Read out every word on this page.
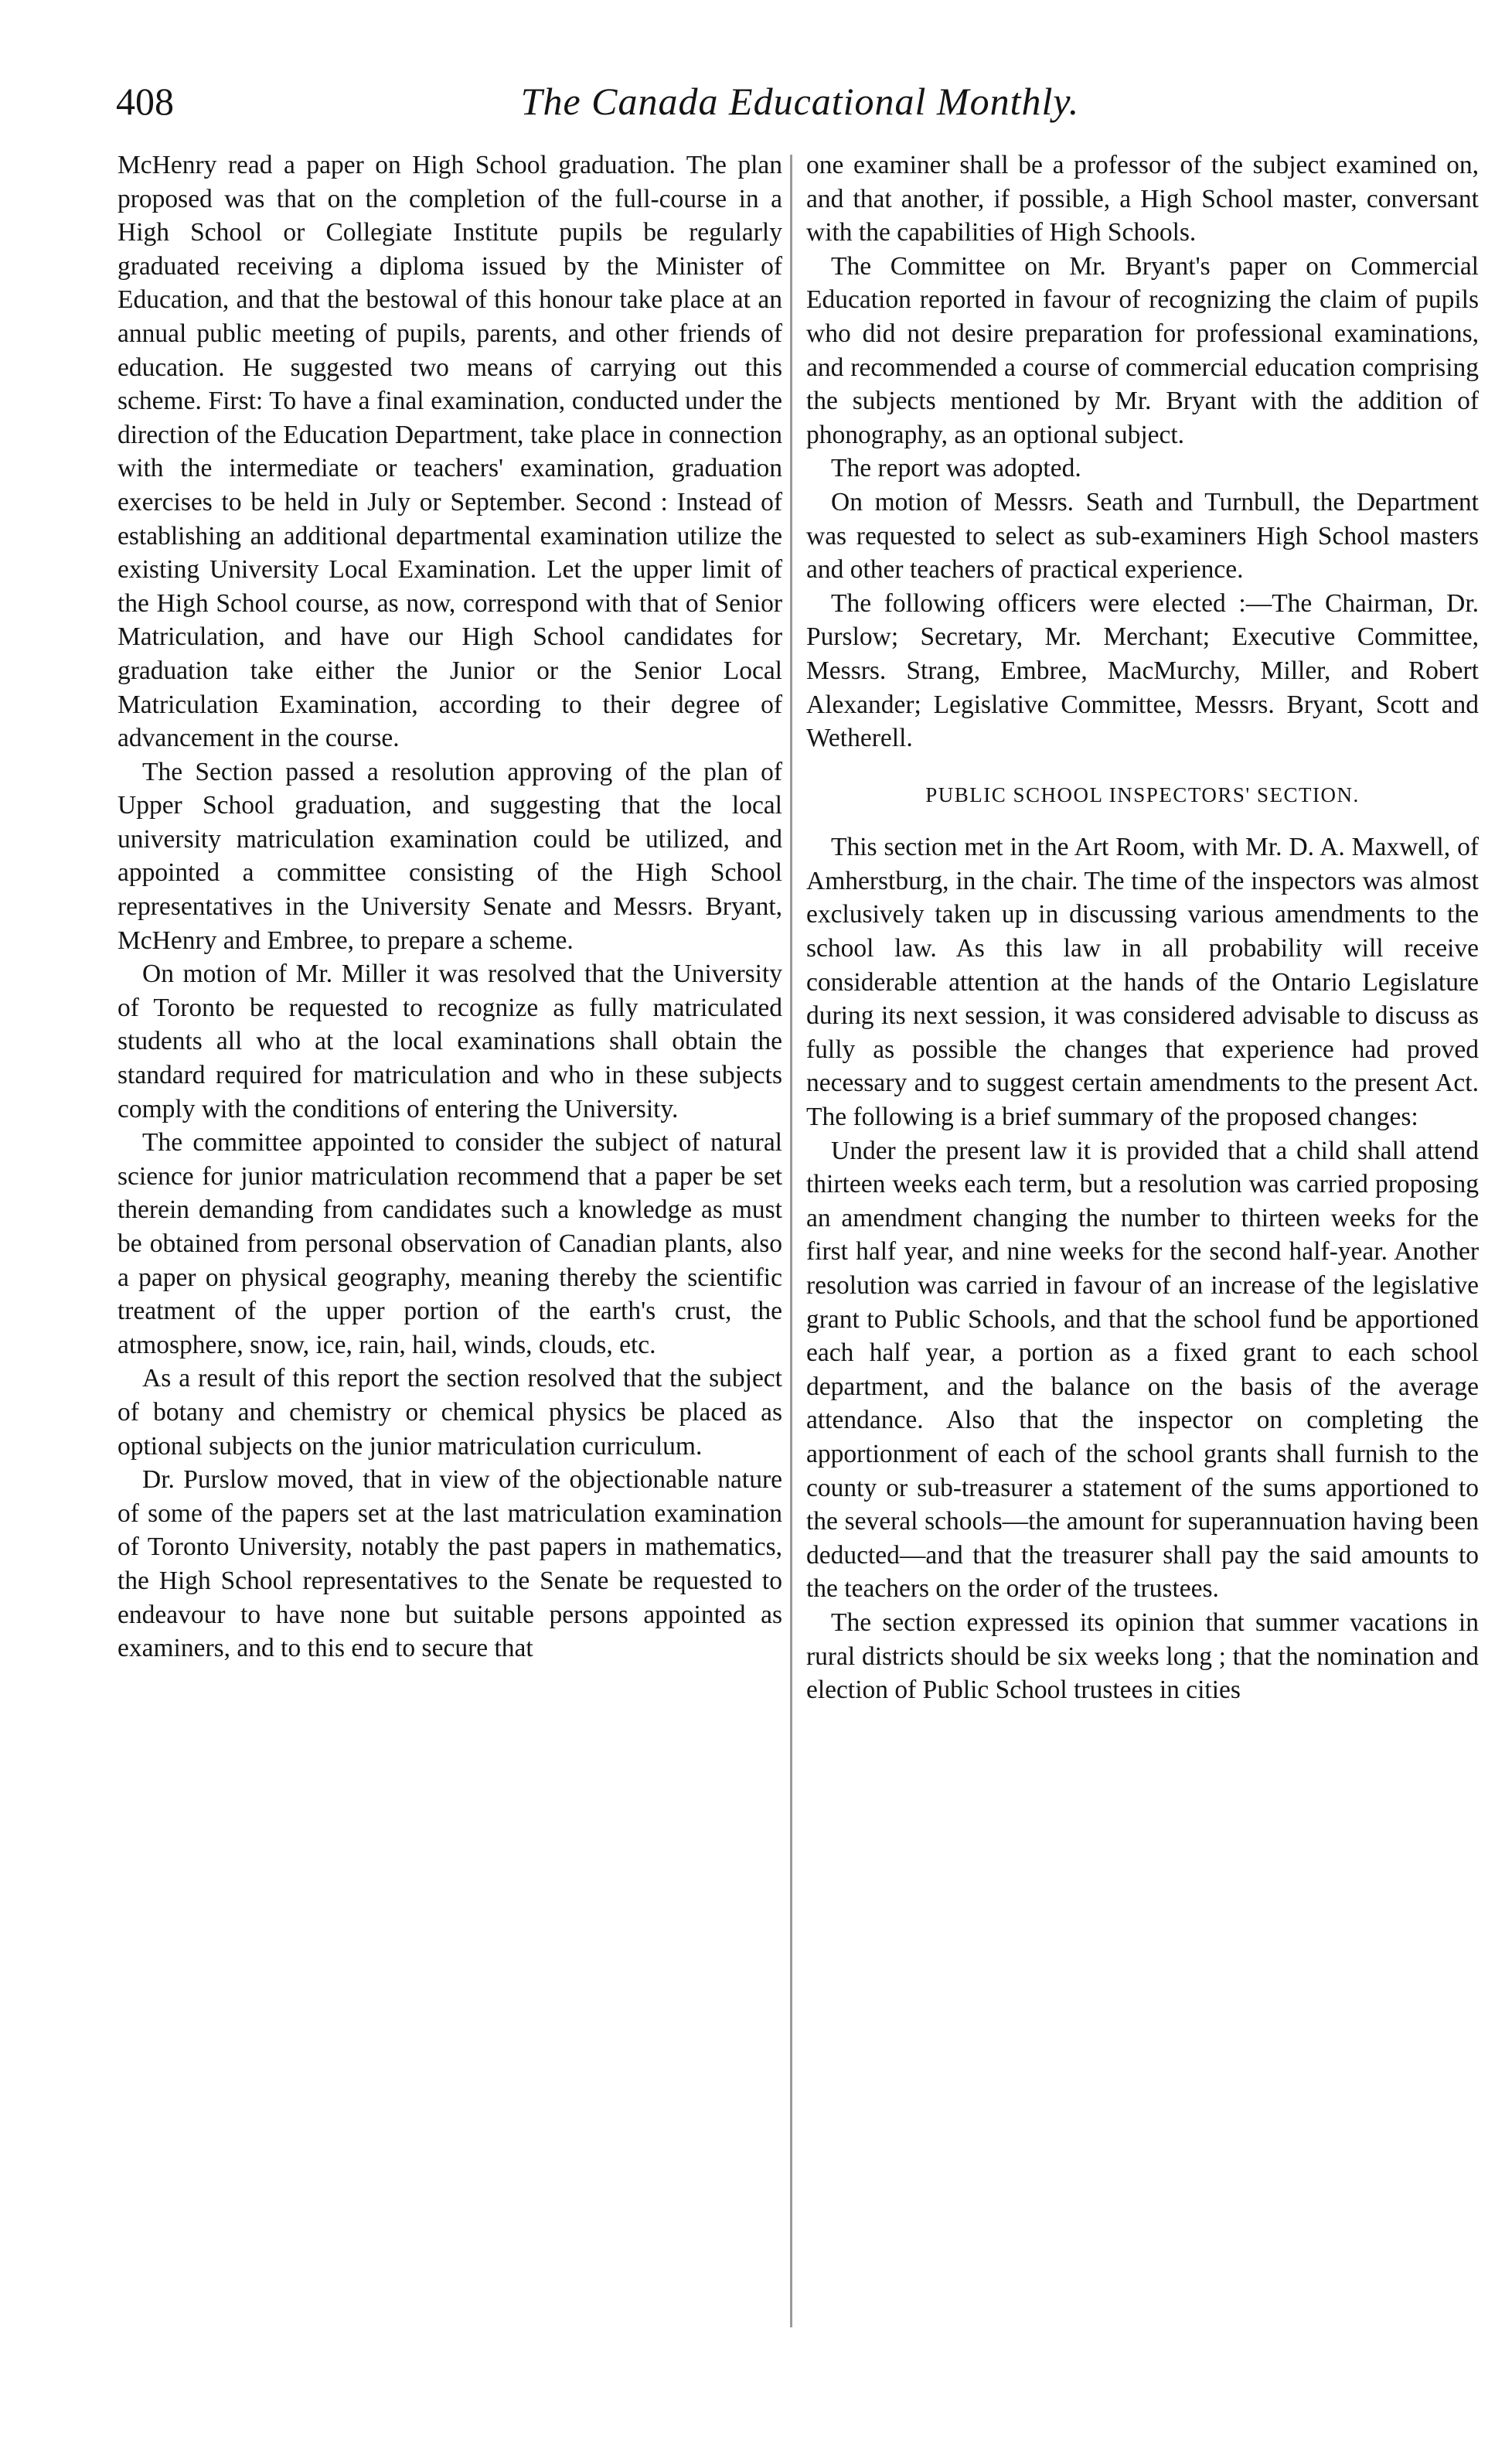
408	The Canada Educational Monthly.

McHenry read a paper on High School graduation. The plan proposed was that on the completion of the full-course in a High School or Collegiate Institute pupils be regularly graduated receiving a diploma issued by the Minister of Education, and that the bestowal of this honour take place at an annual public meeting of pupils, parents, and other friends of education. He suggested two means of carrying out this scheme. First: To have a final examination, conducted under the direction of the Education Department, take place in connection with the intermediate or teachers' examination, graduation exercises to be held in July or September. Second : Instead of establishing an additional departmental examination utilize the existing University Local Examination. Let the upper limit of the High School course, as now, correspond with that of Senior Matriculation, and have our High School candidates for graduation take either the Junior or the Senior Local Matriculation Examination, according to their degree of advancement in the course.

The Section passed a resolution approving of the plan of Upper School graduation, and suggesting that the local university matriculation examination could be utilized, and appointed a committee consisting of the High School representatives in the University Senate and Messrs. Bryant, McHenry and Embree, to prepare a scheme.

On motion of Mr. Miller it was resolved that the University of Toronto be requested to recognize as fully matriculated students all who at the local examinations shall obtain the standard required for matriculation and who in these subjects comply with the conditions of entering the University.

The committee appointed to consider the subject of natural science for junior matriculation recommend that a paper be set therein demanding from candidates such a knowledge as must be obtained from personal observation of Canadian plants, also a paper on physical geography, meaning thereby the scientific treatment of the upper portion of the earth's crust, the atmosphere, snow, ice, rain, hail, winds, clouds, etc.

As a result of this report the section resolved that the subject of botany and chemistry or chemical physics be placed as optional subjects on the junior matriculation curriculum.

Dr. Purslow moved, that in view of the objectionable nature of some of the papers set at the last matriculation examination of Toronto University, notably the past papers in mathematics, the High School representatives to the Senate be requested to endeavour to have none but suitable persons appointed as examiners, and to this end to secure that

one examiner shall be a professor of the subject examined on, and that another, if possible, a High School master, conversant with the capabilities of High Schools.

The Committee on Mr. Bryant's paper on Commercial Education reported in favour of recognizing the claim of pupils who did not desire preparation for professional examinations, and recommended a course of commercial education comprising the subjects mentioned by Mr. Bryant with the addition of phonography, as an optional subject.

The report was adopted.

On motion of Messrs. Seath and Turnbull, the Department was requested to select as sub-examiners High School masters and other teachers of practical experience.

The following officers were elected :—The Chairman, Dr. Purslow; Secretary, Mr. Merchant; Executive Committee, Messrs. Strang, Embree, MacMurchy, Miller, and Robert Alexander; Legislative Committee, Messrs. Bryant, Scott and Wetherell.

PUBLIC SCHOOL INSPECTORS' SECTION.

This section met in the Art Room, with Mr. D. A. Maxwell, of Amherstburg, in the chair. The time of the inspectors was almost exclusively taken up in discussing various amendments to the school law. As this law in all probability will receive considerable attention at the hands of the Ontario Legislature during its next session, it was considered advisable to discuss as fully as possible the changes that experience had proved necessary and to suggest certain amendments to the present Act. The following is a brief summary of the proposed changes:

Under the present law it is provided that a child shall attend thirteen weeks each term, but a resolution was carried proposing an amendment changing the number to thirteen weeks for the first half year, and nine weeks for the second half-year. Another resolution was carried in favour of an increase of the legislative grant to Public Schools, and that the school fund be apportioned each half year, a portion as a fixed grant to each school department, and the balance on the basis of the average attendance. Also that the inspector on completing the apportionment of each of the school grants shall furnish to the county or sub-treasurer a statement of the sums apportioned to the several schools—the amount for superannuation having been deducted—and that the treasurer shall pay the said amounts to the teachers on the order of the trustees.

The section expressed its opinion that summer vacations in rural districts should be six weeks long ; that the nomination and election of Public School trustees in cities
